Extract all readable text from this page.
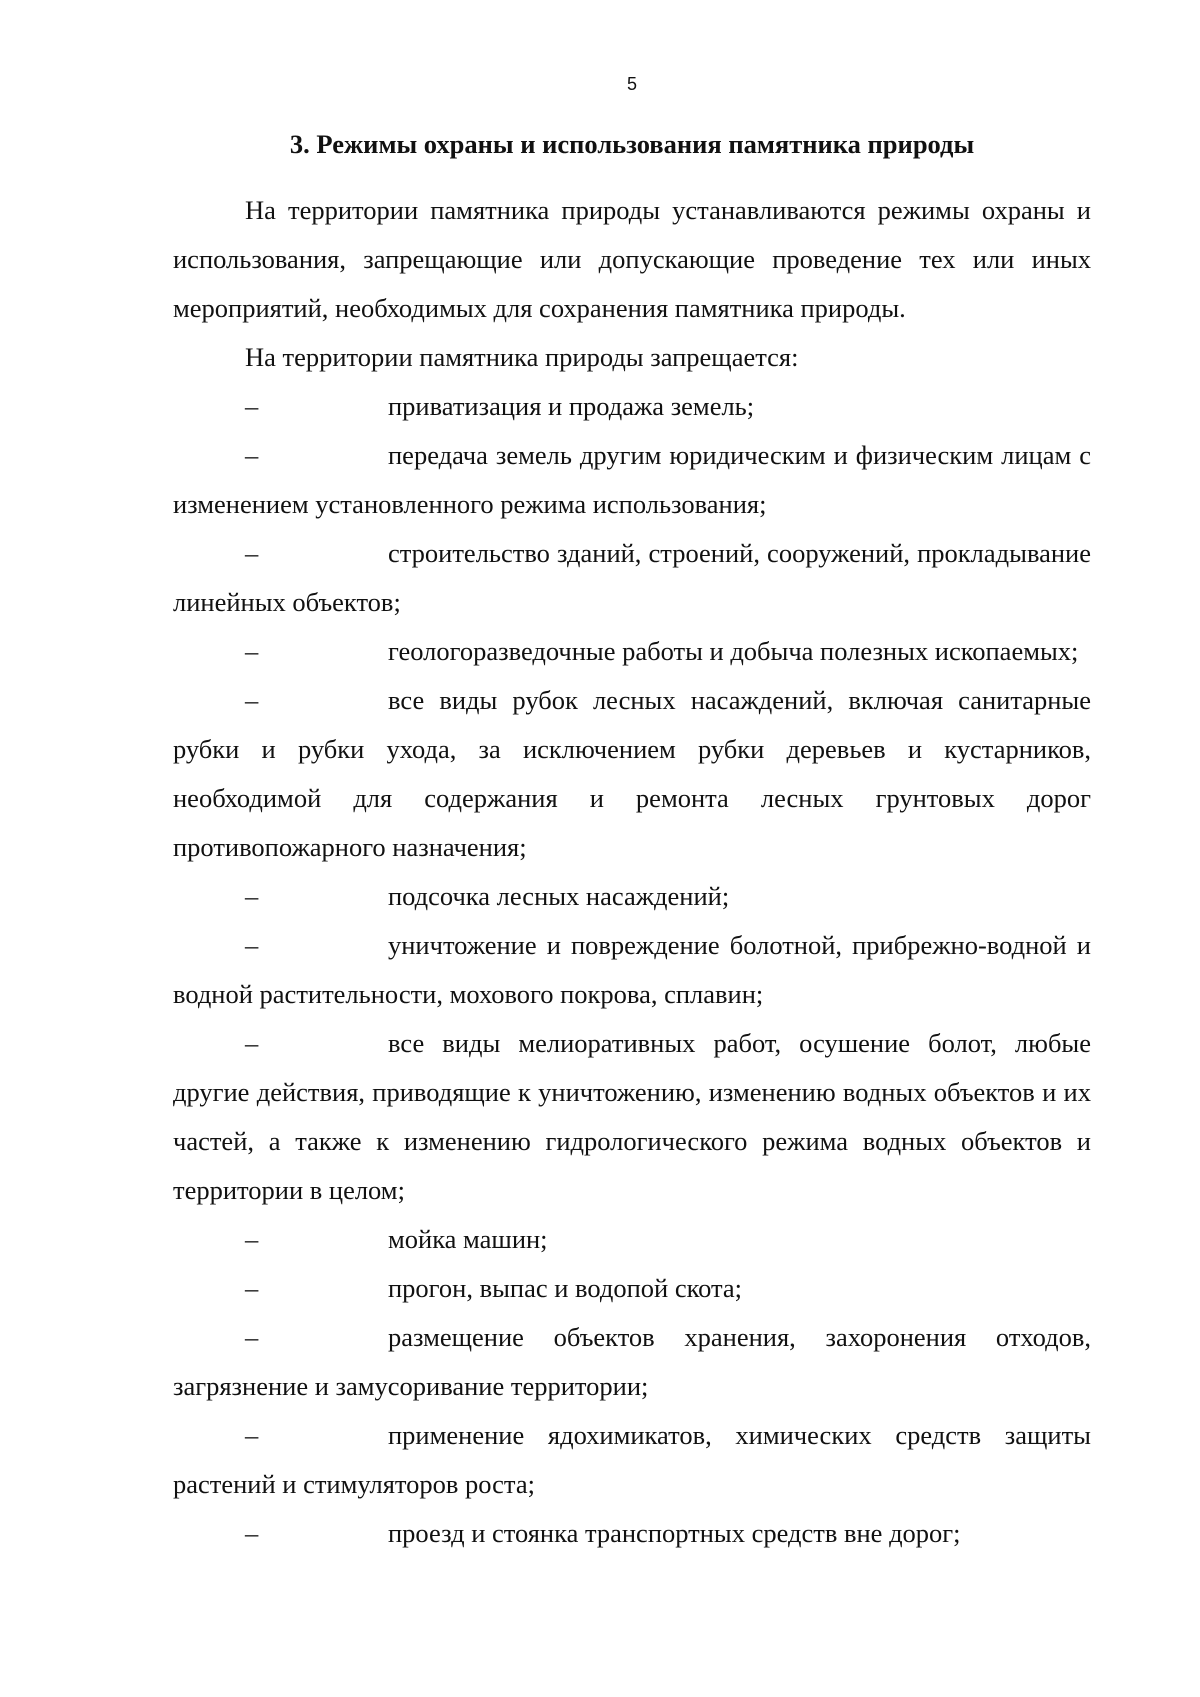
5
3. Режимы охраны и использования памятника природы

На территории памятника природы устанавливаются режимы охраны и использования, запрещающие или допускающие проведение тех или иных мероприятий, необходимых для сохранения памятника природы.

На территории памятника природы запрещается:

–	приватизация и продажа земель;

–	передача земель другим юридическим и физическим лицам с изменением установленного режима использования;

–	строительство зданий, строений, сооружений, прокладывание линейных объектов;

–	геологоразведочные работы и добыча полезных ископаемых;

–	все виды рубок лесных насаждений, включая санитарные рубки и рубки ухода, за исключением рубки деревьев и кустарников, необходимой для содержания и ремонта лесных грунтовых дорог противопожарного назначения;

–	подсочка лесных насаждений;

–	уничтожение и повреждение болотной, прибрежно-водной и водной растительности, мохового покрова, сплавин;

–	все виды мелиоративных работ, осушение болот, любые другие действия, приводящие к уничтожению, изменению водных объектов и их частей, а также к изменению гидрологического режима водных объектов и территории в целом;

–	мойка машин;

–	прогон, выпас и водопой скота;

–	размещение объектов хранения, захоронения отходов, загрязнение и замусоривание территории;

–	применение ядохимикатов, химических средств защиты растений и стимуляторов роста;

–	проезд и стоянка транспортных средств вне дорог;
